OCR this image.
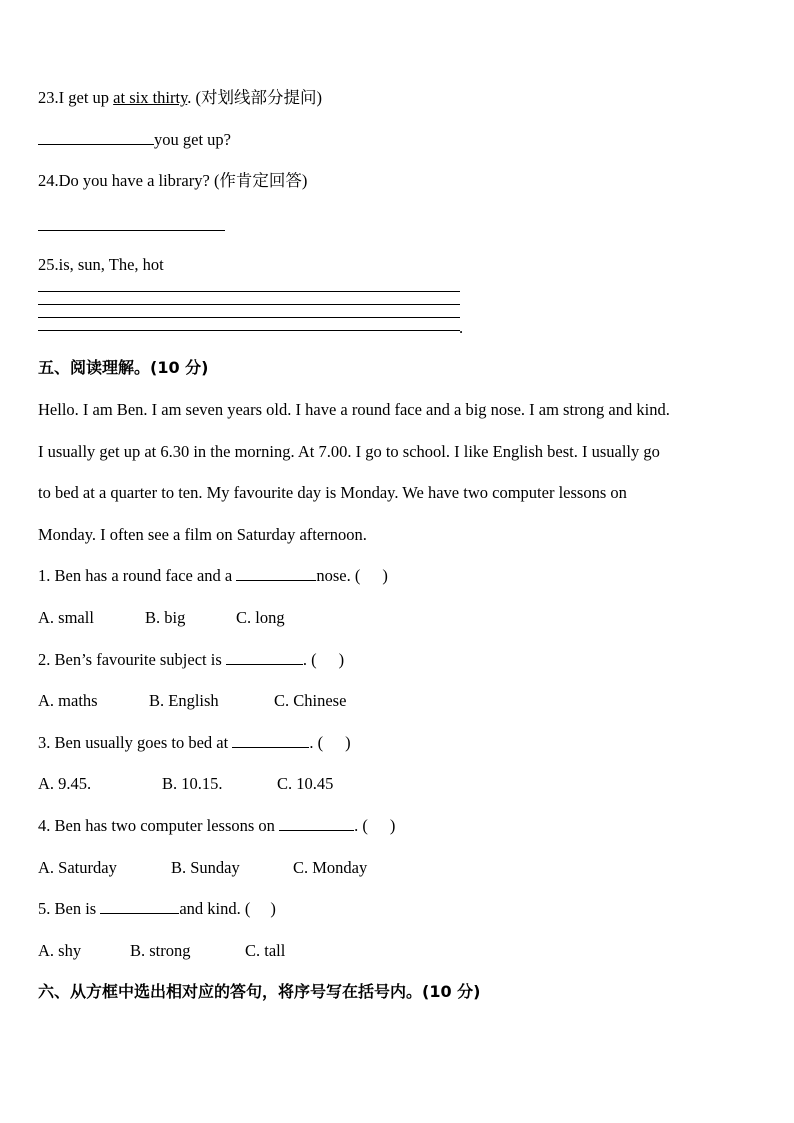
23.I get up at six thirty. (对划线部分提问)
you get up?
24.Do you have a library? (作肯定回答)
25.is, sun, The, hot
.
五、阅读理解。(10 分)
Hello. I am Ben. I am seven years old. I have a round face and a big nose. I am strong and kind.
I usually get up at 6.30 in the morning. At 7.00. I go to school. I like English best. I usually go
to bed at a quarter to ten. My favourite day is Monday. We have two computer lessons on
Monday. I often see a film on Saturday afternoon.
1. Ben has a round face and a	nose. ( )
A. small	B. big	C. long
2. Ben’s favourite subject is	. ( )
A. maths	B. English	C. Chinese
3. Ben usually goes to bed at	. ( )
A. 9.45.	B. 10.15.	C. 10.45
4. Ben has two computer lessons on	. ( )
A. Saturday	B. Sunday	C. Monday
5. Ben is	and kind. ( )
A. shy	B. strong	C. tall
六、从方框中选出相对应的答句，将序号写在括号内。(10 分)
